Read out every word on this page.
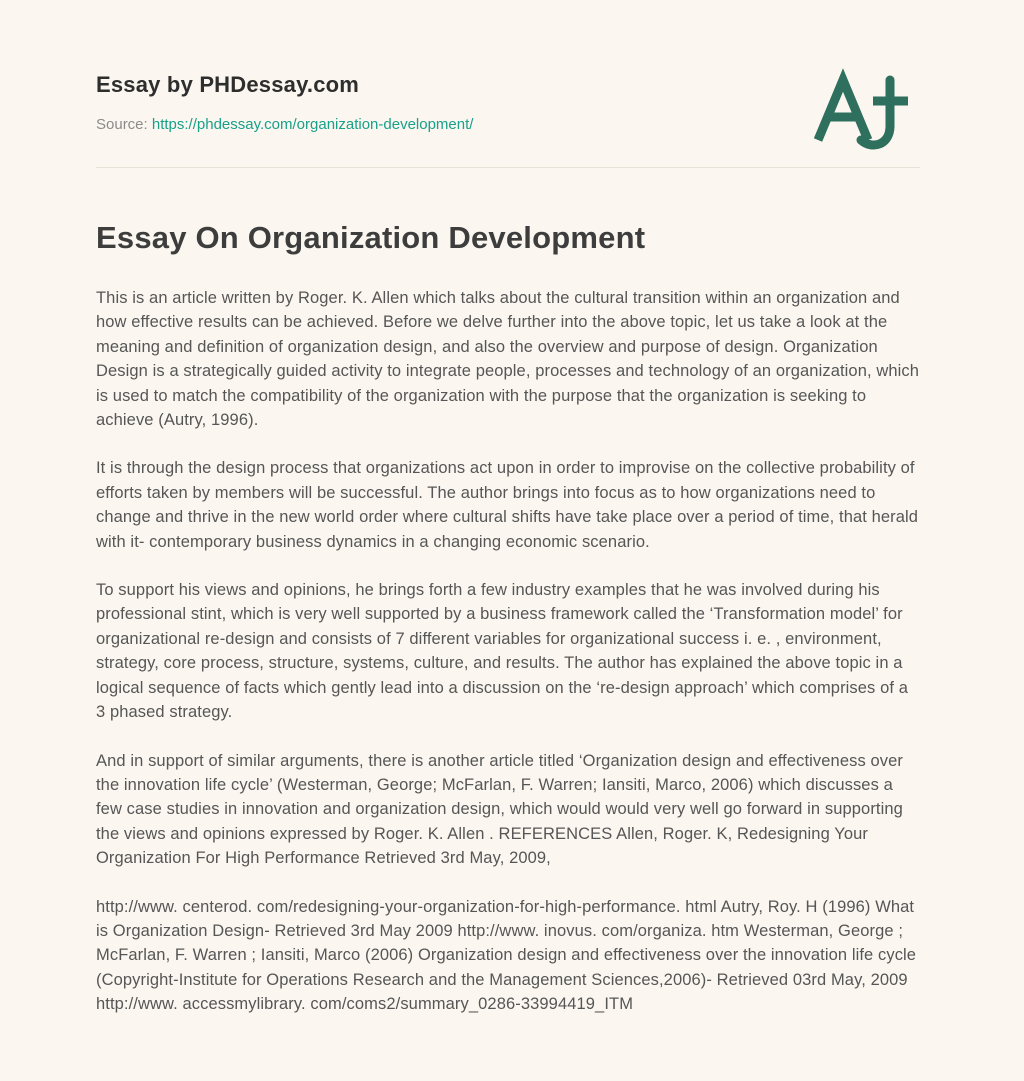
Essay by PHDessay.com
Source: https://phdessay.com/organization-development/
Essay On Organization Development

This is an article written by Roger. K. Allen which talks about the cultural transition within an organization and how effective results can be achieved. Before we delve further into the above topic, let us take a look at the meaning and definition of organization design, and also the overview and purpose of design. Organization Design is a strategically guided activity to integrate people, processes and technology of an organization, which is used to match the compatibility of the organization with the purpose that the organization is seeking to achieve (Autry, 1996).

It is through the design process that organizations act upon in order to improvise on the collective probability of efforts taken by members will be successful. The author brings into focus as to how organizations need to change and thrive in the new world order where cultural shifts have take place over a period of time, that herald with it- contemporary business dynamics in a changing economic scenario.

To support his views and opinions, he brings forth a few industry examples that he was involved during his professional stint, which is very well supported by a business framework called the ‘Transformation model’ for organizational re-design and consists of 7 different variables for organizational success i. e. , environment, strategy, core process, structure, systems, culture, and results. The author has explained the above topic in a logical sequence of facts which gently lead into a discussion on the ‘re-design approach’ which comprises of a 3 phased strategy.

And in support of similar arguments, there is another article titled ‘Organization design and effectiveness over the innovation life cycle’ (Westerman, George; McFarlan, F. Warren; Iansiti, Marco, 2006) which discusses a few case studies in innovation and organization design, which would would very well go forward in supporting the views and opinions expressed by Roger. K. Allen . REFERENCES Allen, Roger. K, Redesigning Your Organization For High Performance Retrieved 3rd May, 2009,

http://www. centerod. com/redesigning-your-organization-for-high-performance. html Autry, Roy. H (1996) What is Organization Design- Retrieved 3rd May 2009 http://www. inovus. com/organiza. htm Westerman, George ; McFarlan, F. Warren ; Iansiti, Marco (2006) Organization design and effectiveness over the innovation life cycle (Copyright-Institute for Operations Research and the Management Sciences,2006)- Retrieved 03rd May, 2009 http://www. accessmylibrary. com/coms2/summary_0286-33994419_ITM
